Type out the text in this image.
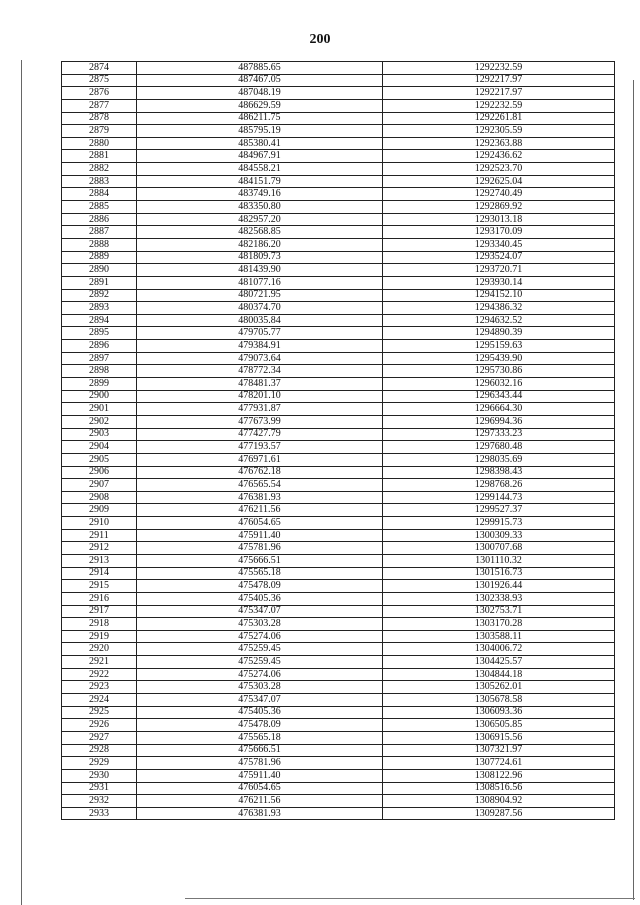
200
2874	487885.65	1292232.59
2875	487467.05	1292217.97
2876	487048.19	1292217.97
2877	486629.59	1292232.59
2878	486211.75	1292261.81
2879	485795.19	1292305.59
2880	485380.41	1292363.88
2881	484967.91	1292436.62
2882	484558.21	1292523.70
2883	484151.79	1292625.04
2884	483749.16	1292740.49
2885	483350.80	1292869.92
2886	482957.20	1293013.18
2887	482568.85	1293170.09
2888	482186.20	1293340.45
2889	481809.73	1293524.07
2890	481439.90	1293720.71
2891	481077.16	1293930.14
2892	480721.95	1294152.10
2893	480374.70	1294386.32
2894	480035.84	1294632.52
2895	479705.77	1294890.39
2896	479384.91	1295159.63
2897	479073.64	1295439.90
2898	478772.34	1295730.86
2899	478481.37	1296032.16
2900	478201.10	1296343.44
2901	477931.87	1296664.30
2902	477673.99	1296994.36
2903	477427.79	1297333.23
2904	477193.57	1297680.48
2905	476971.61	1298035.69
2906	476762.18	1298398.43
2907	476565.54	1298768.26
2908	476381.93	1299144.73
2909	476211.56	1299527.37
2910	476054.65	1299915.73
2911	475911.40	1300309.33
2912	475781.96	1300707.68
2913	475666.51	1301110.32
2914	475565.18	1301516.73
2915	475478.09	1301926.44
2916	475405.36	1302338.93
2917	475347.07	1302753.71
2918	475303.28	1303170.28
2919	475274.06	1303588.11
2920	475259.45	1304006.72
2921	475259.45	1304425.57
2922	475274.06	1304844.18
2923	475303.28	1305262.01
2924	475347.07	1305678.58
2925	475405.36	1306093.36
2926	475478.09	1306505.85
2927	475565.18	1306915.56
2928	475666.51	1307321.97
2929	475781.96	1307724.61
2930	475911.40	1308122.96
2931	476054.65	1308516.56
2932	476211.56	1308904.92
2933	476381.93	1309287.56
